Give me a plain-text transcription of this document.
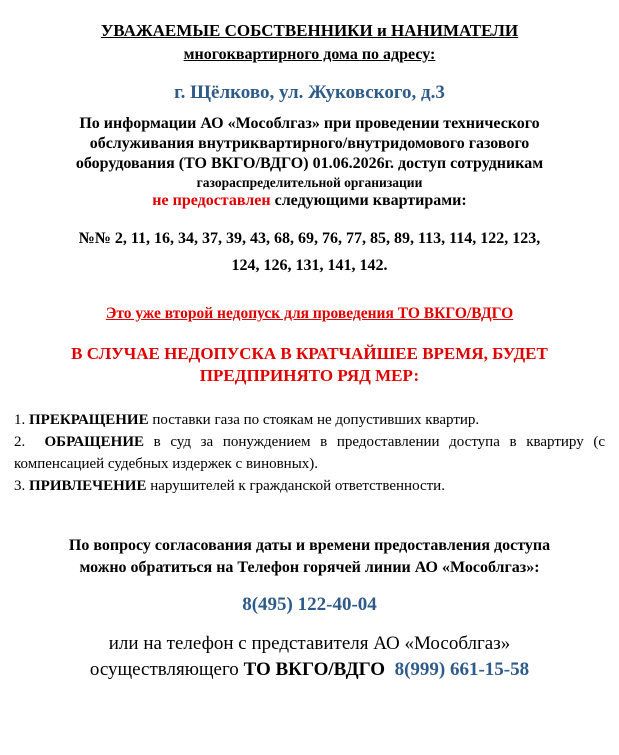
УВАЖАЕМЫЕ СОБСТВЕННИКИ и НАНИМАТЕЛИ
многоквартирного дома по адресу:
г. Щёлково, ул. Жуковского, д.3
По информации АО «Мособлгаз» при проведении технического
обслуживания внутриквартирного/внутридомового газового
оборудования (ТО ВКГО/ВДГО) 01.06.2026г. доступ сотрудникам
газораспределительной организации
не предоставлен следующими квартирами:
№№ 2, 11, 16, 34, 37, 39, 43, 68, 69, 76, 77, 85, 89, 113, 114, 122, 123,
124, 126, 131, 141, 142.
Это уже второй недопуск для проведения ТО ВКГО/ВДГО
В СЛУЧАЕ НЕДОПУСКА В КРАТЧАЙШЕЕ ВРЕМЯ, БУДЕТ
ПРЕДПРИНЯТО РЯД МЕР:

1. ПРЕКРАЩЕНИЕ поставки газа по стоякам не допустивших квартир.

2.  ОБРАЩЕНИЕ в суд за понуждением в предоставлении доступа в квартиру (с компенсацией судебных издержек с виновных).

3. ПРИВЛЕЧЕНИЕ нарушителей к гражданской ответственности.

По вопросу согласования даты и времени предоставления доступа
можно обратиться на Телефон горячей линии АО «Мособлгаз»:
8(495) 122-40-04
или на телефон с представителя АО «Мособлгаз»
осуществляющего ТО ВКГО/ВДГО 8(999) 661-15-58
